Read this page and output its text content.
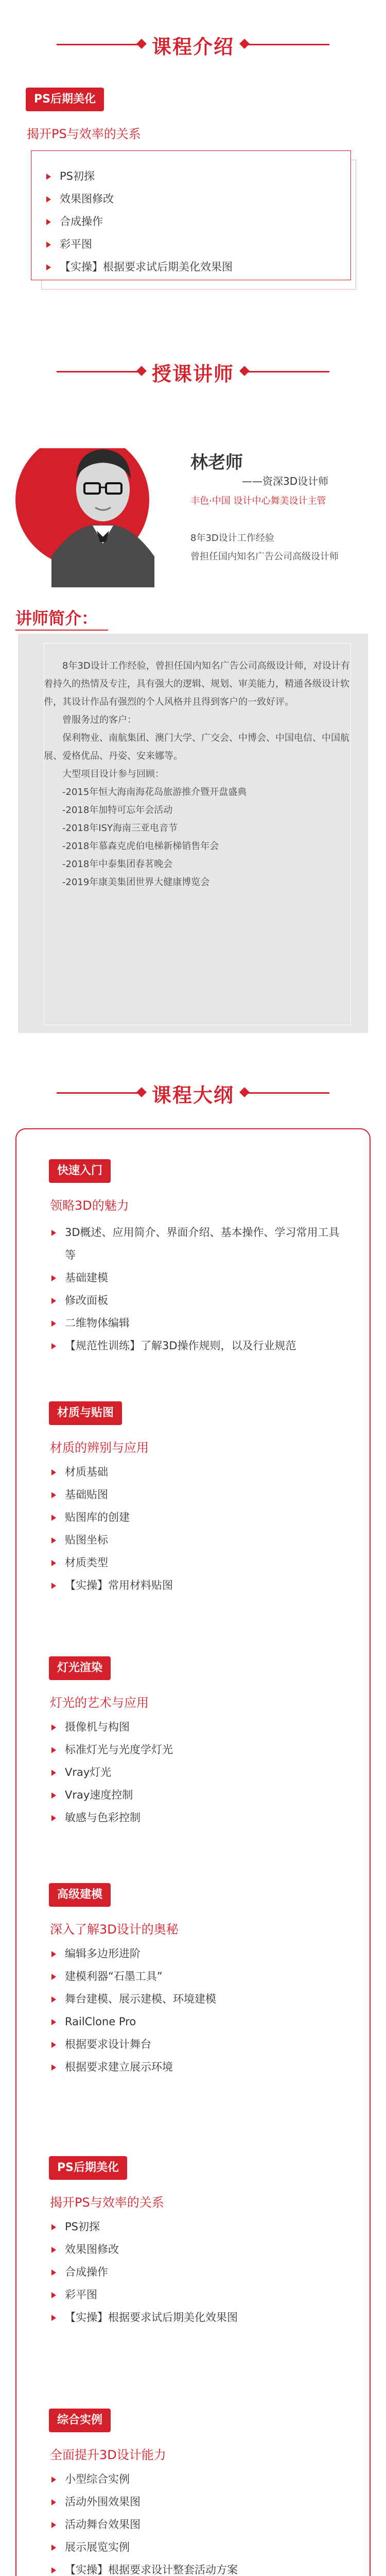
课程介绍
PS后期美化
揭开PS与效率的关系
PS初探
效果图修改
合成操作
彩平图
【实操】根据要求试后期美化效果图
授课讲师
林老师
——资深3D设计师
丰色·中国 设计中心舞美设计主管
8年3D设计工作经验
曾担任国内知名广告公司高级设计师
讲师简介：

8年3D设计工作经验，曾担任国内知名广告公司高级设计师，对设计有着持久的热情及专注，具有强大的逻辑、规划、审美能力，精通各级设计软件，其设计作品有强烈的个人风格并且得到客户的一致好评。

曾服务过的客户：

保利物业、南航集团、澳门大学、广交会、中博会、中国电信、中国航展、爱格优品、丹姿、安来娜等。

大型项目设计参与回顾：

-2015年恒大海南海花岛旅游推介暨开盘盛典

-2018年加特可忘年会活动

-2018年ISY海南三亚电音节

-2018年慕森克虎伯电梯新梯销售年会

-2018年中泰集团春茗晚会

-2019年康美集团世界大健康博览会

课程大纲
快速入门
领略3D的魅力
3D概述、应用简介、界面介绍、基本操作、学习常用工具等
基础建模
修改面板
二维物体编辑
【规范性训练】了解3D操作规则，以及行业规范
材质与贴图
材质的辨别与应用
材质基础
基础贴图
贴图库的创建
贴图坐标
材质类型
【实操】常用材料贴图
灯光渲染
灯光的艺术与应用
摄像机与构图
标准灯光与光度学灯光
Vray灯光
Vray速度控制
敏感与色彩控制
高级建模
深入了解3D设计的奥秘
编辑多边形进阶
建模利器“石墨工具”
舞台建模、展示建模、环境建模
RailClone Pro
根据要求设计舞台
根据要求建立展示环境
PS后期美化
揭开PS与效率的关系
PS初探
效果图修改
合成操作
彩平图
【实操】根据要求试后期美化效果图
综合实例
全面提升3D设计能力
小型综合实例
活动外围效果图
活动舞台效果图
展示展览实例
【实操】根据要求设计整套活动方案
